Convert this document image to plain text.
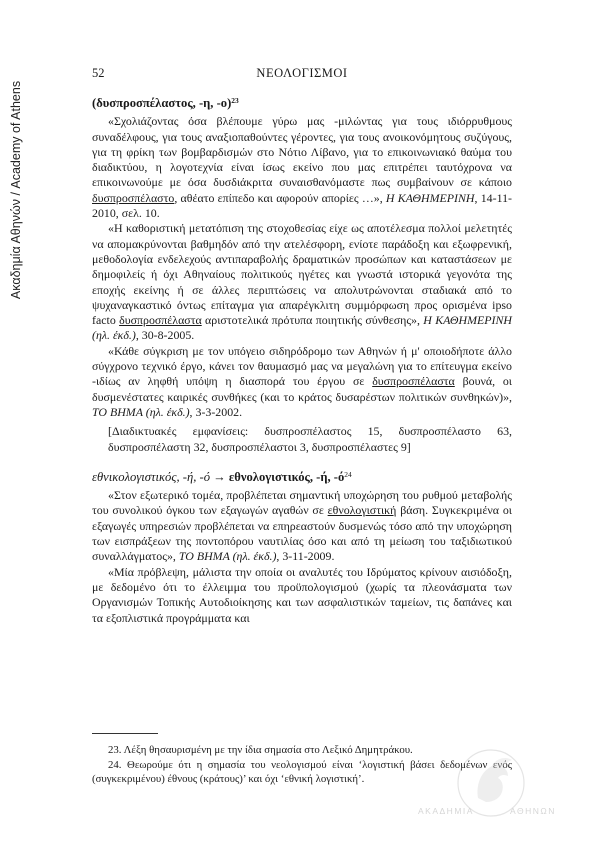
Ακαδημία Αθηνών / Academy of Athens
52	ΝΕΟΛΟΓΙΣΜΟΙ
(δυσπροσπέλαστος, -η, -ο)$^{23}$

«Σχολιάζοντας όσα βλέπουμε γύρω μας -μιλώντας για τους ιδιόρρυθμους συναδέλφους, για τους αναξιοπαθούντες γέροντες, για τους ανοικονόμητους συζύγους, για τη φρίκη των βομβαρδισμών στο Νότιο Λίβανο, για το επικοινωνιακό θαύμα του διαδικτύου, η λογοτεχνία είναι ίσως εκείνο που μας επιτρέπει ταυτόχρονα να επικοινωνούμε με όσα δυσδιάκριτα συναισθανόμαστε πως συμβαίνουν σε κάποιο δυσπροσπέλαστο, αθέατο επίπεδο και αφορούν απορίες …», Η ΚΑΘΗΜΕΡΙΝΗ, 14-11-2010, σελ. 10.

«Η καθοριστική μετατόπιση της στοχοθεσίας είχε ως αποτέλεσμα πολλοί μελετητές να απομακρύνονται βαθμηδόν από την ατελέσφορη, ενίοτε παράδοξη και εξωφρενική, μεθοδολογία ενδελεχούς αντιπαραβολής δραματικών προσώπων και καταστάσεων με δημοφιλείς ή όχι Αθηναίους πολιτικούς ηγέτες και γνωστά ιστορικά γεγονότα της εποχής εκείνης ή σε άλλες περιπτώσεις να απολυτρώνονται σταδιακά από το ψυχαναγκαστικό όντως επίταγμα για απαρέγκλιτη συμμόρφωση προς ορισμένα ipso facto δυσπροσπέλαστα αριστοτελικά πρότυπα ποιητικής σύνθεσης», Η ΚΑΘΗΜΕΡΙΝΗ (ηλ. έκδ.), 30-8-2005.

«Κάθε σύγκριση με τον υπόγειο σιδηρόδρομο των Αθηνών ή μ' οποιοδήποτε άλλο σύγχρονο τεχνικό έργο, κάνει τον θαυμασμό μας να μεγαλώνη για το επίτευγμα εκείνο -ιδίως αν ληφθή υπόψη η διασπορά του έργου σε δυσπροσπέλαστα βουνά, οι δυσμενέστατες καιρικές συνθήκες (και το κράτος δυσαρέστων πολιτικών συνθηκών)», ΤΟ ΒΗΜΑ (ηλ. έκδ.), 3-3-2002.

[Διαδικτυακές εμφανίσεις: δυσπροσπέλαστος 15, δυσπροσπέλαστο 63, δυσπροσπέλαστη 32, δυσπροσπέλαστοι 3, δυσπροσπέλαστες 9]

εθνικολογιστικός, -ή, -ό → εθνολογιστικός, -ή, $-ό^{24}$

«Στον εξωτερικό τομέα, προβλέπεται σημαντική υποχώρηση του ρυθμού μεταβολής του συνολικού όγκου των εξαγωγών αγαθών σε εθνολογιστική βάση. Συγκεκριμένα οι εξαγωγές υπηρεσιών προβλέπεται να επηρεαστούν δυσμενώς τόσο από την υποχώρηση των εισπράξεων της ποντοπόρου ναυτιλίας όσο και από τη μείωση του ταξιδιωτικού συναλλάγματος», ΤΟ ΒΗΜΑ (ηλ. έκδ.), 3-11-2009.

«Μία πρόβλεψη, μάλιστα την οποία οι αναλυτές του Ιδρύματος κρίνουν αισιόδοξη, με δεδομένο ότι το έλλειμμα του προϋπολογισμού (χωρίς τα πλεονάσματα των Οργανισμών Τοπικής Αυτοδιοίκησης και των ασφαλιστικών ταμείων, τις δαπάνες και τα εξοπλιστικά προγράμματα και

23. Λέξη θησαυρισμένη με την ίδια σημασία στο Λεξικό Δημητράκου.

24. Θεωρούμε ότι η σημασία του νεολογισμού είναι ‘λογιστική βάσει δεδομένων ενός (συγκεκριμένου) έθνους (κράτους)’ και όχι ‘εθνική λογιστική’.

ΑΚΑΔΗΜΙΑ	ΑΘΗΝΩΝ
